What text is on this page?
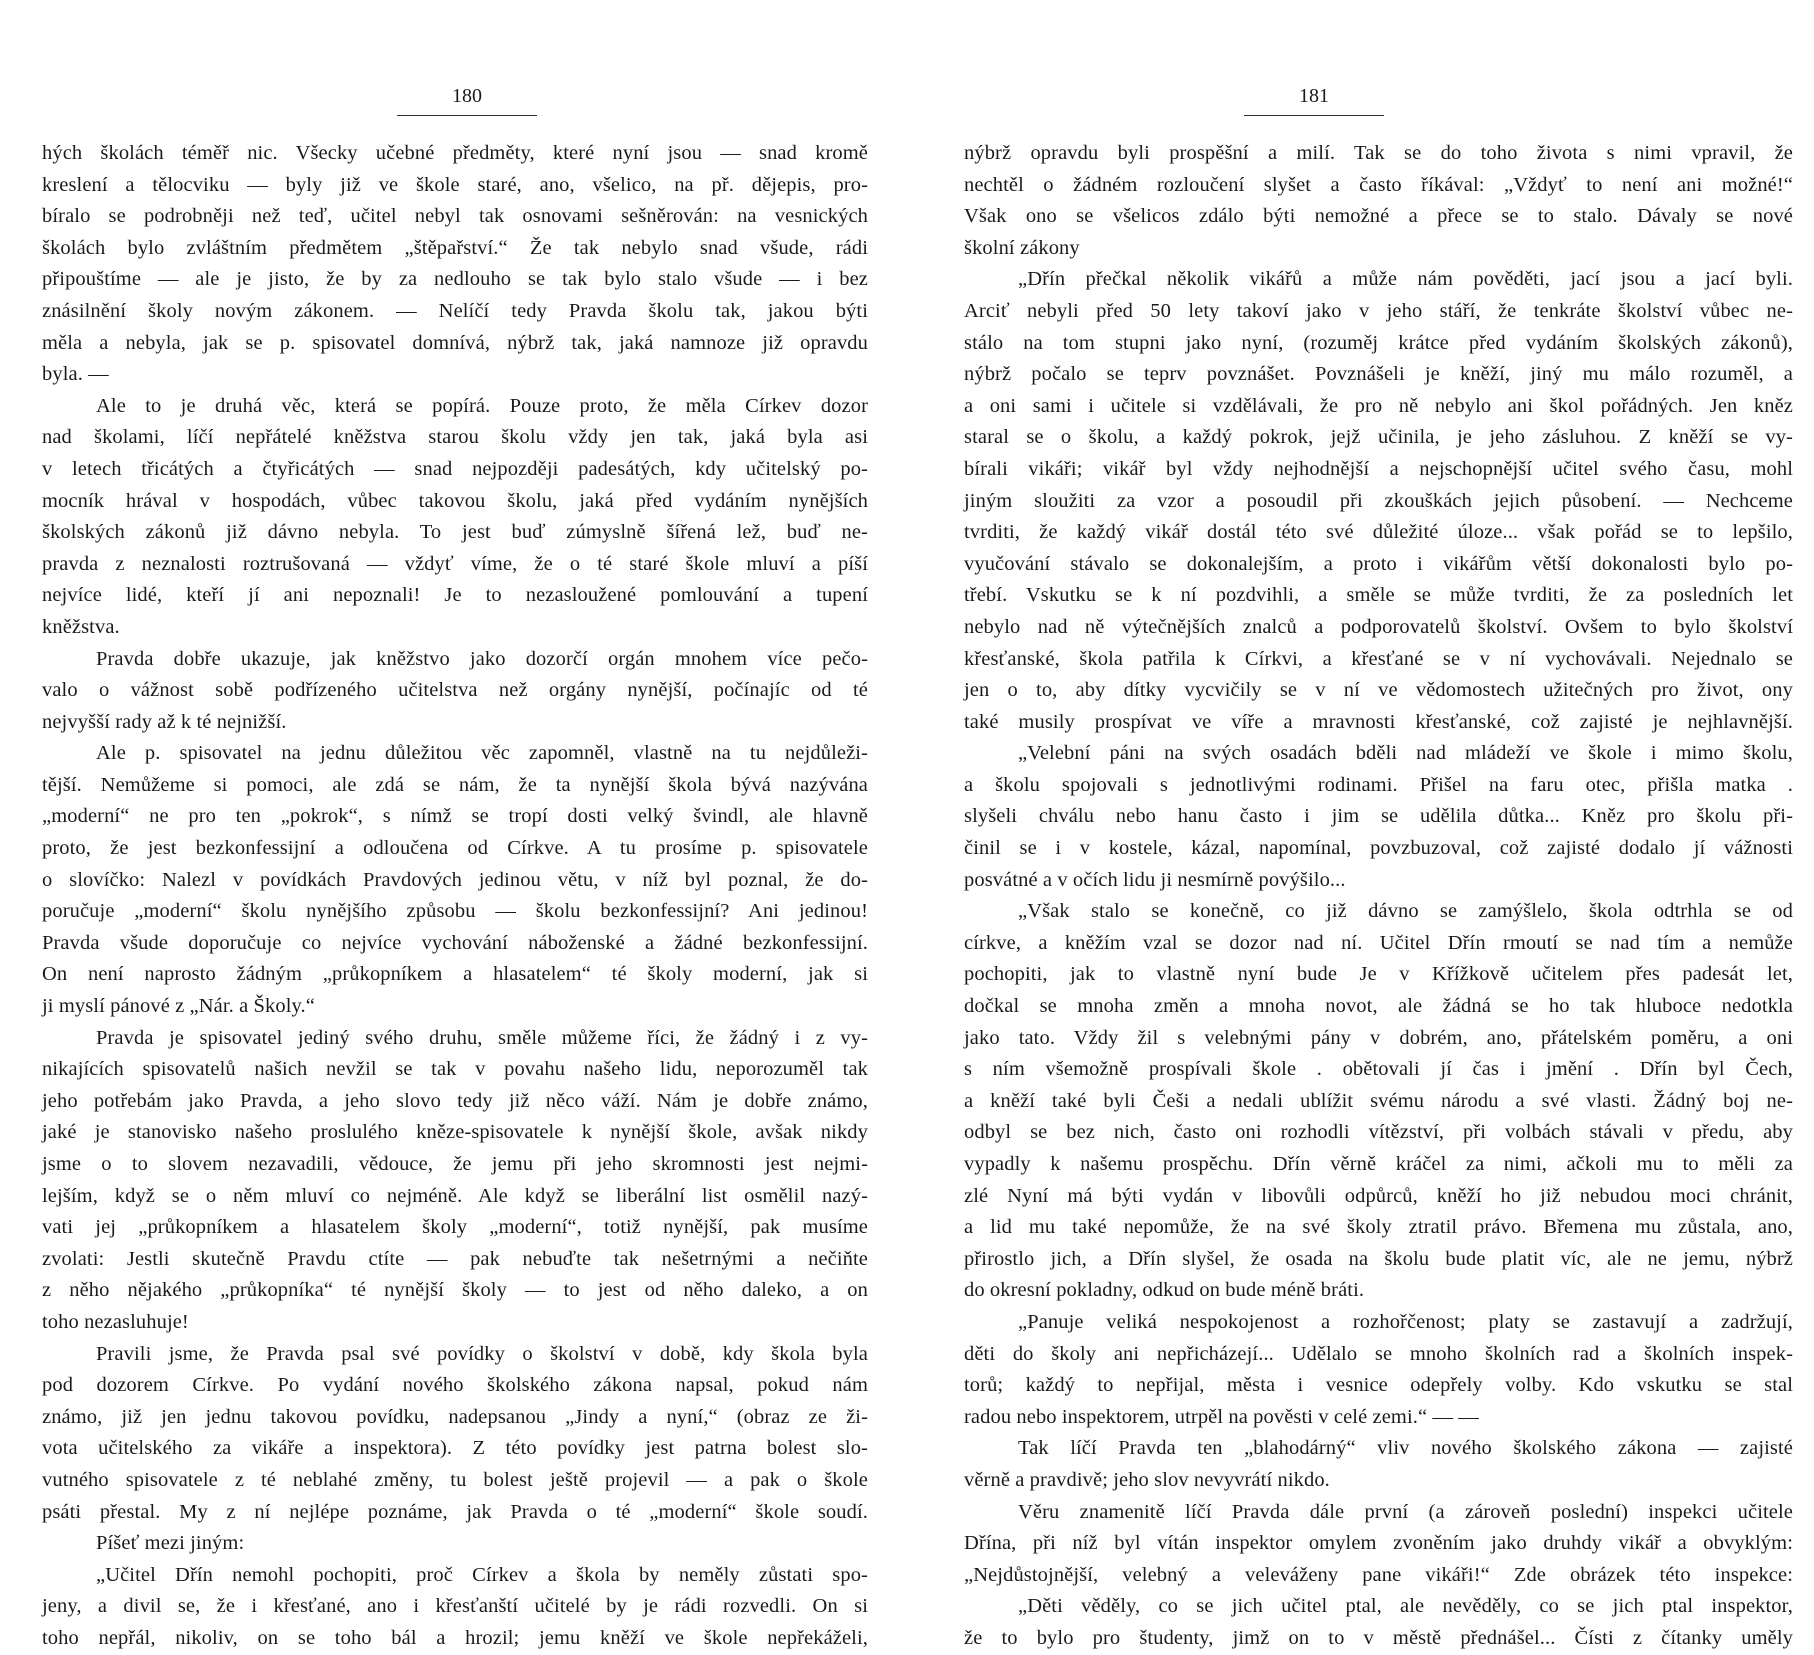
180
hých školách téměř nic. Všecky učebné předměty, které nyní jsou — snad kromě
kreslení a tělocviku — byly již ve škole staré, ano, všelico, na př. dějepis, pro-
bíralo se podrobněji než teď, učitel nebyl tak osnovami sešněrován: na vesnických
školách bylo zvláštním předmětem „štěpařství.“ Že tak nebylo snad všude, rádi
připouštíme — ale je jisto, že by za nedlouho se tak bylo stalo všude — i bez
znásilnění školy novým zákonem. — Nelíčí tedy Pravda školu tak, jakou býti
měla a nebyla, jak se p. spisovatel domnívá, nýbrž tak, jaká namnoze již opravdu
byla. —
Ale to je druhá věc, která se popírá. Pouze proto, že měla Církev dozor
nad školami, líčí nepřátelé kněžstva starou školu vždy jen tak, jaká byla asi
v letech třicátých a čtyřicátých — snad nejpozději padesátých, kdy učitelský po-
mocník hrával v hospodách, vůbec takovou školu, jaká před vydáním nynějších
školských zákonů již dávno nebyla. To jest buď zúmyslně šířená lež, buď ne-
pravda z neznalosti roztrušovaná — vždyť víme, že o té staré škole mluví a píší
nejvíce lidé, kteří jí ani nepoznali! Je to nezasloužené pomlouvání a tupení
kněžstva.
Pravda dobře ukazuje, jak kněžstvo jako dozorčí orgán mnohem více pečo-
valo o vážnost sobě podřízeného učitelstva než orgány nynější, počínajíc od té
nejvyšší rady až k té nejnižší.
Ale p. spisovatel na jednu důležitou věc zapomněl, vlastně na tu nejdůleži-
tější. Nemůžeme si pomoci, ale zdá se nám, že ta nynější škola bývá nazývána
„moderní“ ne pro ten „pokrok“, s nímž se tropí dosti velký švindl, ale hlavně
proto, že jest bezkonfessijní a odloučena od Církve. A tu prosíme p. spisovatele
o slovíčko: Nalezl v povídkách Pravdových jedinou větu, v níž byl poznal, že do-
poručuje „moderní“ školu nynějšího způsobu — školu bezkonfessijní? Ani jedinou!
Pravda všude doporučuje co nejvíce vychování náboženské a žádné bezkonfessijní.
On není naprosto žádným „průkopníkem a hlasatelem“ té školy moderní, jak si
ji myslí pánové z „Nár. a Školy.“
Pravda je spisovatel jediný svého druhu, směle můžeme říci, že žádný i z vy-
nikajících spisovatelů našich nevžil se tak v povahu našeho lidu, neporozuměl tak
jeho potřebám jako Pravda, a jeho slovo tedy již něco váží. Nám je dobře známo,
jaké je stanovisko našeho proslulého kněze-spisovatele k nynější škole, avšak nikdy
jsme o to slovem nezavadili, vědouce, že jemu při jeho skromnosti jest nejmi-
lejším, když se o něm mluví co nejméně. Ale když se liberální list osmělil nazý-
vati jej „průkopníkem a hlasatelem školy „moderní“, totiž nynější, pak musíme
zvolati: Jestli skutečně Pravdu ctíte — pak nebuďte tak nešetrnými a nečiňte
z něho nějakého „průkopníka“ té nynější školy — to jest od něho daleko, a on
toho nezasluhuje!
Pravili jsme, že Pravda psal své povídky o školství v době, kdy škola byla
pod dozorem Církve. Po vydání nového školského zákona napsal, pokud nám
známo, již jen jednu takovou povídku, nadepsanou „Jindy a nyní,“ (obraz ze ži-
vota učitelského za vikáře a inspektora). Z této povídky jest patrna bolest slo-
vutného spisovatele z té neblahé změny, tu bolest ještě projevil — a pak o škole
psáti přestal. My z ní nejlépe poznáme, jak Pravda o té „moderní“ škole soudí.
Píšeť mezi jiným:
„Učitel Dřín nemohl pochopiti, proč Církev a škola by neměly zůstati spo-
jeny, a divil se, že i křesťané, ano i křesťanští učitelé by je rádi rozvedli. On si
toho nepřál, nikoliv, on se toho bál a hrozil; jemu kněží ve škole nepřekáželi,
181
nýbrž opravdu byli prospěšní a milí. Tak se do toho života s nimi vpravil, že
nechtěl o žádném rozloučení slyšet a často říkával: „Vždyť to není ani možné!“
Však ono se všelicos zdálo býti nemožné a přece se to stalo. Dávaly se nové
školní zákony
„Dřín přečkal několik vikářů a může nám pověděti, jací jsou a jací byli.
Arciť nebyli před 50 lety takoví jako v jeho stáří, že tenkráte školství vůbec ne-
stálo na tom stupni jako nyní, (rozuměj krátce před vydáním školských zákonů),
nýbrž počalo se teprv povznášet. Povznášeli je kněží, jiný mu málo rozuměl, a
a oni sami i učitele si vzdělávali, že pro ně nebylo ani škol pořádných. Jen kněz
staral se o školu, a každý pokrok, jejž učinila, je jeho zásluhou. Z kněží se vy-
bírali vikáři; vikář byl vždy nejhodnější a nejschopnější učitel svého času, mohl
jiným sloužiti za vzor a posoudil při zkouškách jejich působení. — Nechceme
tvrditi, že každý vikář dostál této své důležité úloze... však pořád se to lepšilo,
vyučování stávalo se dokonalejším, a proto i vikářům větší dokonalosti bylo po-
třebí. Vskutku se k ní pozdvihli, a směle se může tvrditi, že za posledních let
nebylo nad ně výtečnějších znalců a podporovatelů školství. Ovšem to bylo školství
křesťanské, škola patřila k Církvi, a křesťané se v ní vychovávali. Nejednalo se
jen o to, aby dítky vycvičily se v ní ve vědomostech užitečných pro život, ony
také musily prospívat ve víře a mravnosti křesťanské, což zajisté je nejhlavnější.
„Velební páni na svých osadách bděli nad mládeží ve škole i mimo školu,
a školu spojovali s jednotlivými rodinami. Přišel na faru otec, přišla matka .
slyšeli chválu nebo hanu často i jim se udělila důtka... Kněz pro školu při-
činil se i v kostele, kázal, napomínal, povzbuzoval, což zajisté dodalo jí vážnosti
posvátné a v očích lidu ji nesmírně povýšilo...
„Však stalo se konečně, co již dávno se zamýšlelo, škola odtrhla se od
církve, a kněžím vzal se dozor nad ní. Učitel Dřín rmoutí se nad tím a nemůže
pochopiti, jak to vlastně nyní bude Je v Křížkově učitelem přes padesát let,
dočkal se mnoha změn a mnoha novot, ale žádná se ho tak hluboce nedotkla
jako tato. Vždy žil s velebnými pány v dobrém, ano, přátelském poměru, a oni
s ním všemožně prospívali škole . obětovali jí čas i jmění . Dřín byl Čech,
a kněží také byli Češi a nedali ublížit svému národu a své vlasti. Žádný boj ne-
odbyl se bez nich, často oni rozhodli vítězství, při volbách stávali v předu, aby
vypadly k našemu prospěchu. Dřín věrně kráčel za nimi, ačkoli mu to měli za
zlé Nyní má býti vydán v libovůli odpůrců, kněží ho již nebudou moci chránit,
a lid mu také nepomůže, že na své školy ztratil právo. Břemena mu zůstala, ano,
přirostlo jich, a Dřín slyšel, že osada na školu bude platit víc, ale ne jemu, nýbrž
do okresní pokladny, odkud on bude méně bráti.
„Panuje veliká nespokojenost a rozhořčenost; platy se zastavují a zadržují,
děti do školy ani nepřicházejí... Udělalo se mnoho školních rad a školních inspek-
torů; každý to nepřijal, města i vesnice odepřely volby. Kdo vskutku se stal
radou nebo inspektorem, utrpěl na pověsti v celé zemi.“ — —
Tak líčí Pravda ten „blahodárný“ vliv nového školského zákona — zajisté
věrně a pravdivě; jeho slov nevyvrátí nikdo.
Věru znamenitě líčí Pravda dále první (a zároveň poslední) inspekci učitele
Dřína, při níž byl vítán inspektor omylem zvoněním jako druhdy vikář a obvyklým:
„Nejdůstojnější, velebný a veleváženy pane vikáři!“ Zde obrázek této inspekce:
„Děti věděly, co se jich učitel ptal, ale nevěděly, co se jich ptal inspektor,
že to bylo pro študenty, jimž on to v městě přednášel... Čísti z čítanky uměly
